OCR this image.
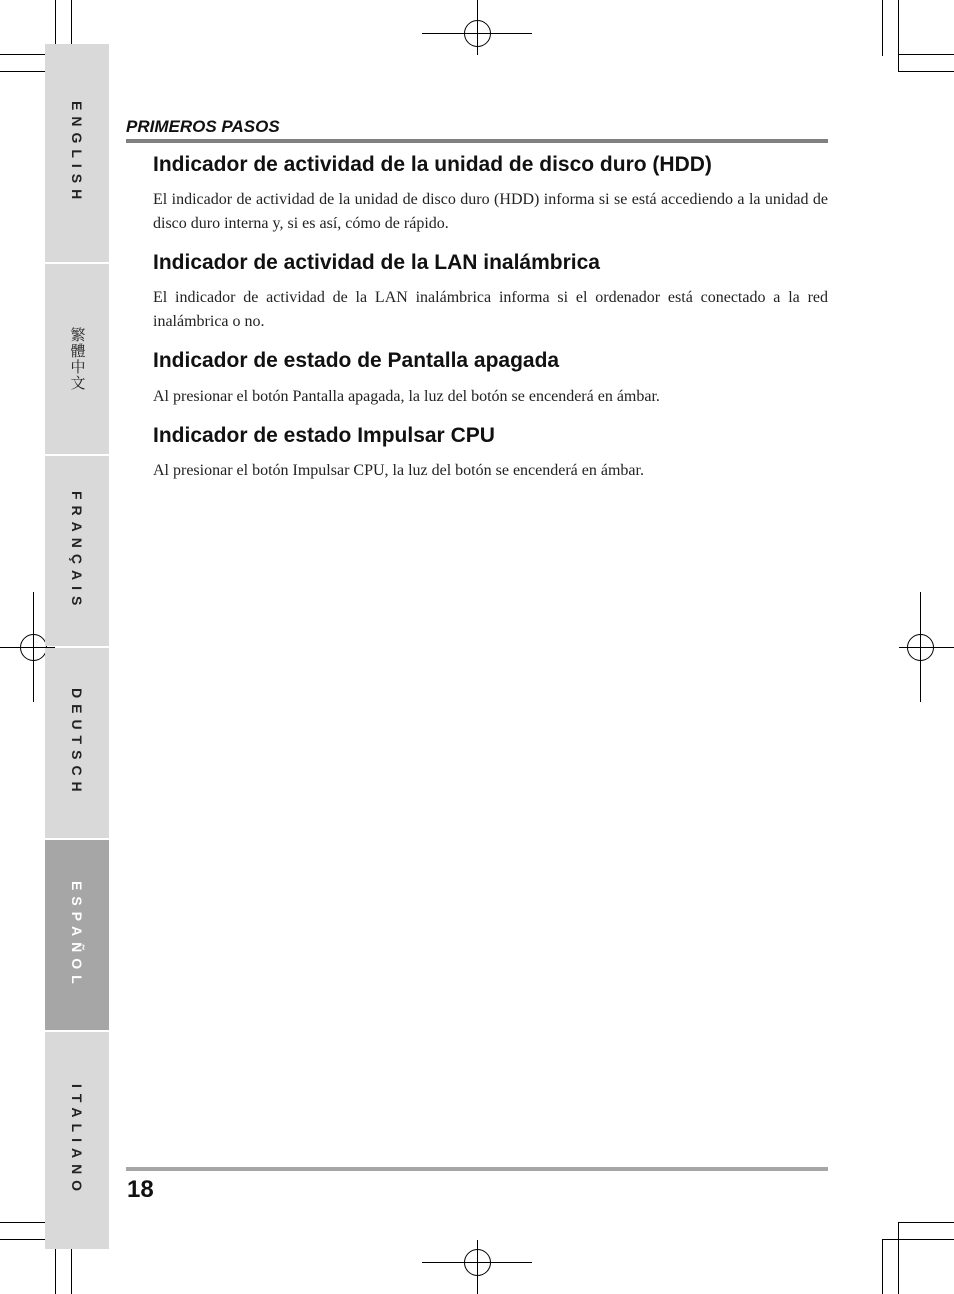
ENGLISH
繁體中文
FRANÇAIS
DEUTSCH
ESPAÑOL
ITALIANO
PRIMEROS PASOS
Indicador de actividad de la unidad de disco duro (HDD)

El indicador de actividad de la unidad de disco duro (HDD) informa si se está accediendo a la unidad de disco duro interna y, si es así, cómo de rápido.

Indicador de actividad de la LAN inalámbrica

El indicador de actividad de la LAN inalámbrica informa si el ordenador está conectado a la red inalámbrica o no.

Indicador de estado de Pantalla apagada

Al presionar el botón Pantalla apagada, la luz del botón se encenderá en ámbar.

Indicador de estado Impulsar CPU

Al presionar el botón Impulsar CPU, la luz del botón se encenderá en ámbar.

18
